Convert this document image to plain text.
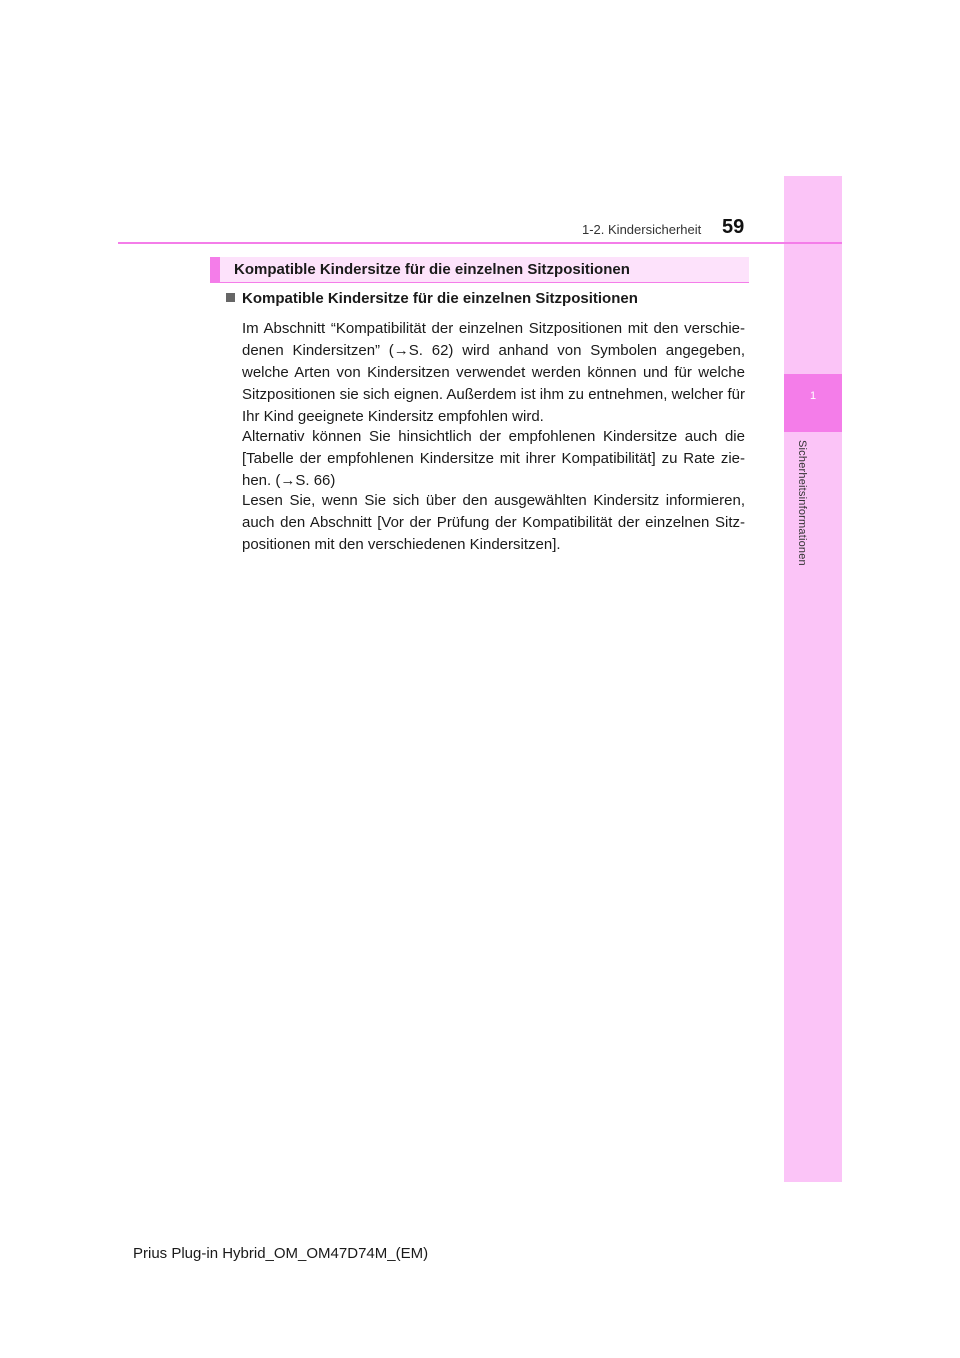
1
Sicherheitsinformationen
1-2. Kindersicherheit 59
Kompatible Kindersitze für die einzelnen Sitzpositionen
Kompatible Kindersitze für die einzelnen Sitzpositionen

Im Abschnitt “Kompatibilität der einzelnen Sitzpositionen mit den verschie-denen Kindersitzen” (→S. 62) wird anhand von Symbolen angegeben, welche Arten von Kindersitzen verwendet werden können und für welche Sitzpositionen sie sich eignen. Außerdem ist ihm zu entnehmen, welcher für Ihr Kind geeignete Kindersitz empfohlen wird.

Alternativ können Sie hinsichtlich der empfohlenen Kindersitze auch die [Tabelle der empfohlenen Kindersitze mit ihrer Kompatibilität] zu Rate zie-hen. (→S. 66)

Lesen Sie, wenn Sie sich über den ausgewählten Kindersitz informieren, auch den Abschnitt [Vor der Prüfung der Kompatibilität der einzelnen Sitz-positionen mit den verschiedenen Kindersitzen].

Prius Plug-in Hybrid_OM_OM47D74M_(EM)
